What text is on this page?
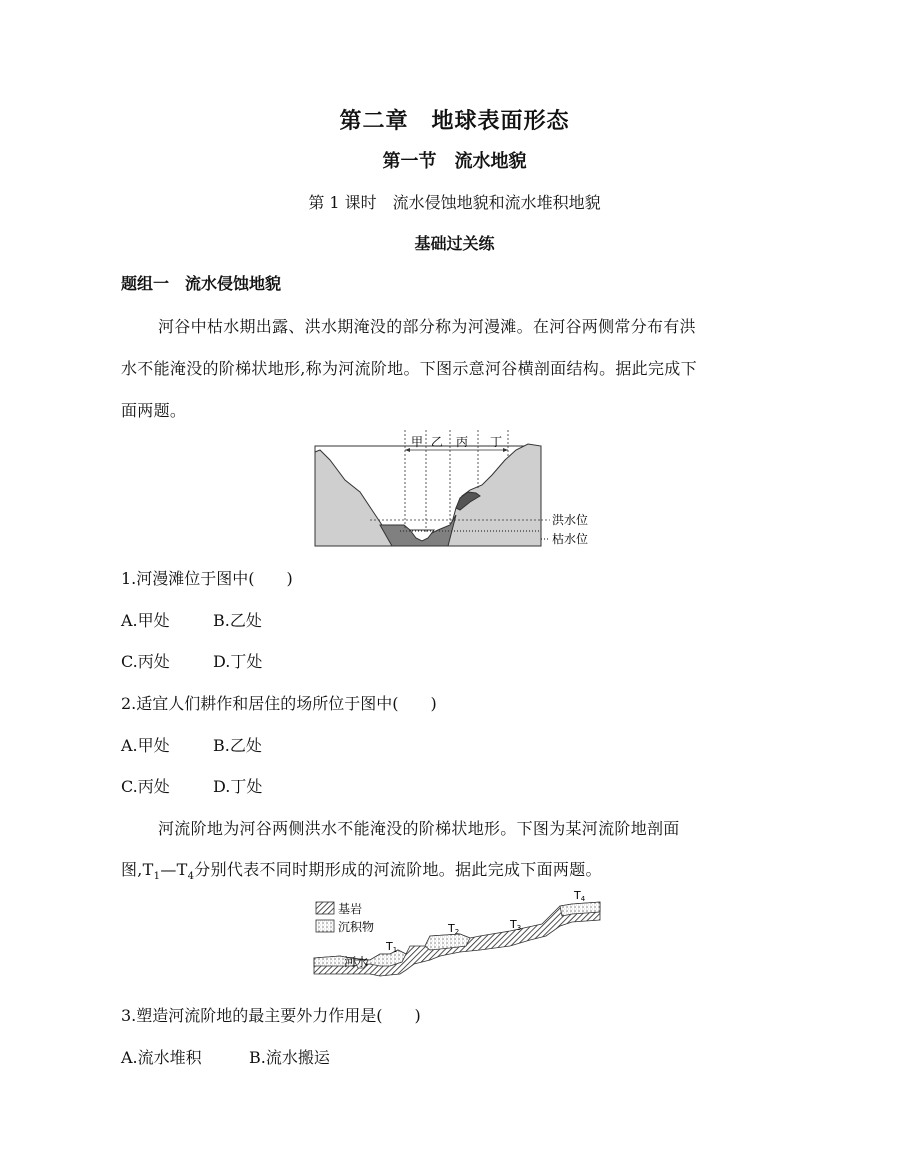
第二章　地球表面形态
第一节　流水地貌
第 1 课时　流水侵蚀地貌和流水堆积地貌
基础过关练
题组一　流水侵蚀地貌
河谷中枯水期出露、洪水期淹没的部分称为河漫滩。在河谷两侧常分布有洪
水不能淹没的阶梯状地形,称为河流阶地。下图示意河谷横剖面结构。据此完成下
面两题。
甲 乙 丙 丁
洪水位
枯水位
1.河漫滩位于图中(　　)
A.甲处	B.乙处
C.丙处	D.丁处
2.适宜人们耕作和居住的场所位于图中(　　)
A.甲处	B.乙处
C.丙处	D.丁处
河流阶地为河谷两侧洪水不能淹没的阶梯状地形。下图为某河流阶地剖面
图$,T_1—T_4$分别代表不同时期形成的河流阶地。据此完成下面两题。
基岩
沉积物
河水
T1
T2
T3
T4
3.塑造河流阶地的最主要外力作用是(　　)
A.流水堆积	B.流水搬运
